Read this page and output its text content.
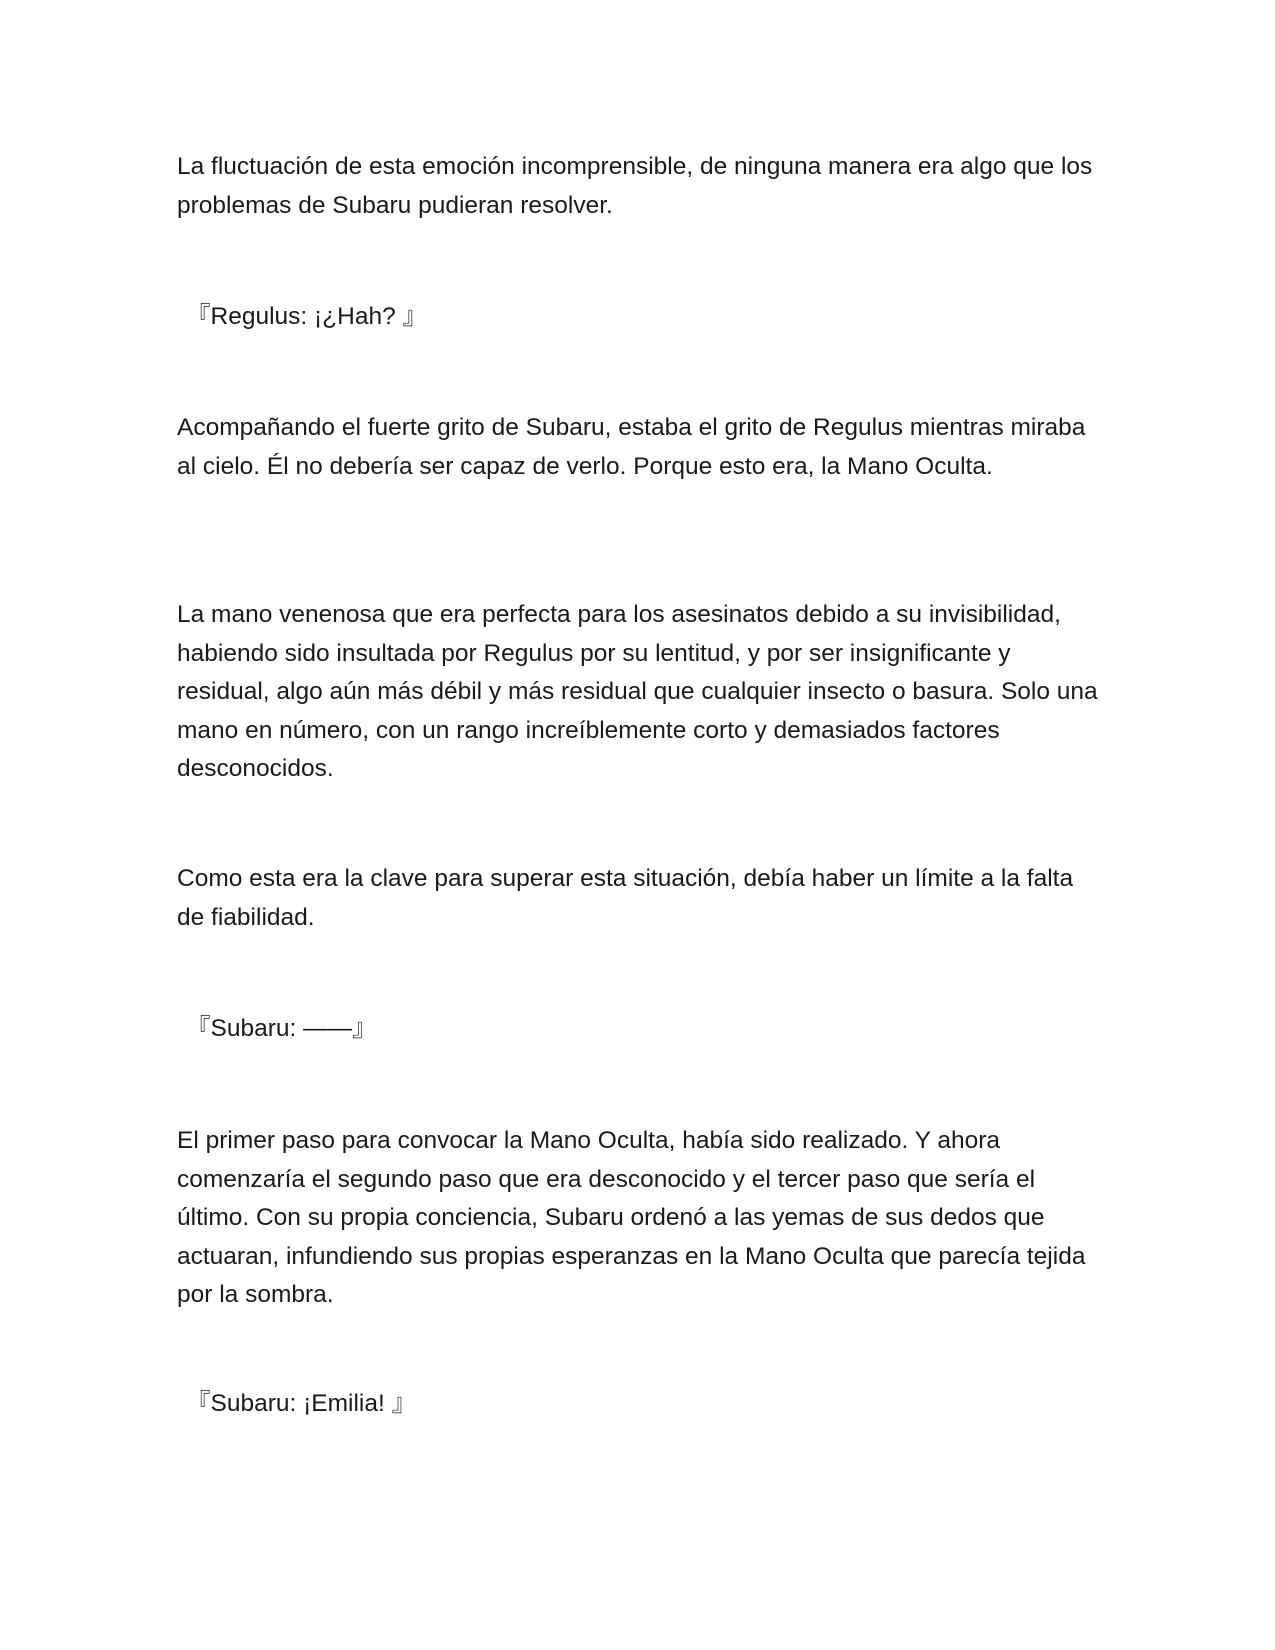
La fluctuación de esta emoción incomprensible, de ninguna manera era algo que los problemas de Subaru pudieran resolver.

『Regulus: ¡¿Hah? 』

Acompañando el fuerte grito de Subaru, estaba el grito de Regulus mientras miraba al cielo. Él no debería ser capaz de verlo. Porque esto era, la Mano Oculta.

La mano venenosa que era perfecta para los asesinatos debido a su invisibilidad, habiendo sido insultada por Regulus por su lentitud, y por ser insignificante y residual, algo aún más débil y más residual que cualquier insecto o basura. Solo una mano en número, con un rango increíblemente corto y demasiados factores desconocidos.

Como esta era la clave para superar esta situación, debía haber un límite a la falta de fiabilidad.

『Subaru: ——』

El primer paso para convocar la Mano Oculta, había sido realizado. Y ahora comenzaría el segundo paso que era desconocido y el tercer paso que sería el último. Con su propia conciencia, Subaru ordenó a las yemas de sus dedos que actuaran, infundiendo sus propias esperanzas en la Mano Oculta que parecía tejida por la sombra.

『Subaru: ¡Emilia! 』
